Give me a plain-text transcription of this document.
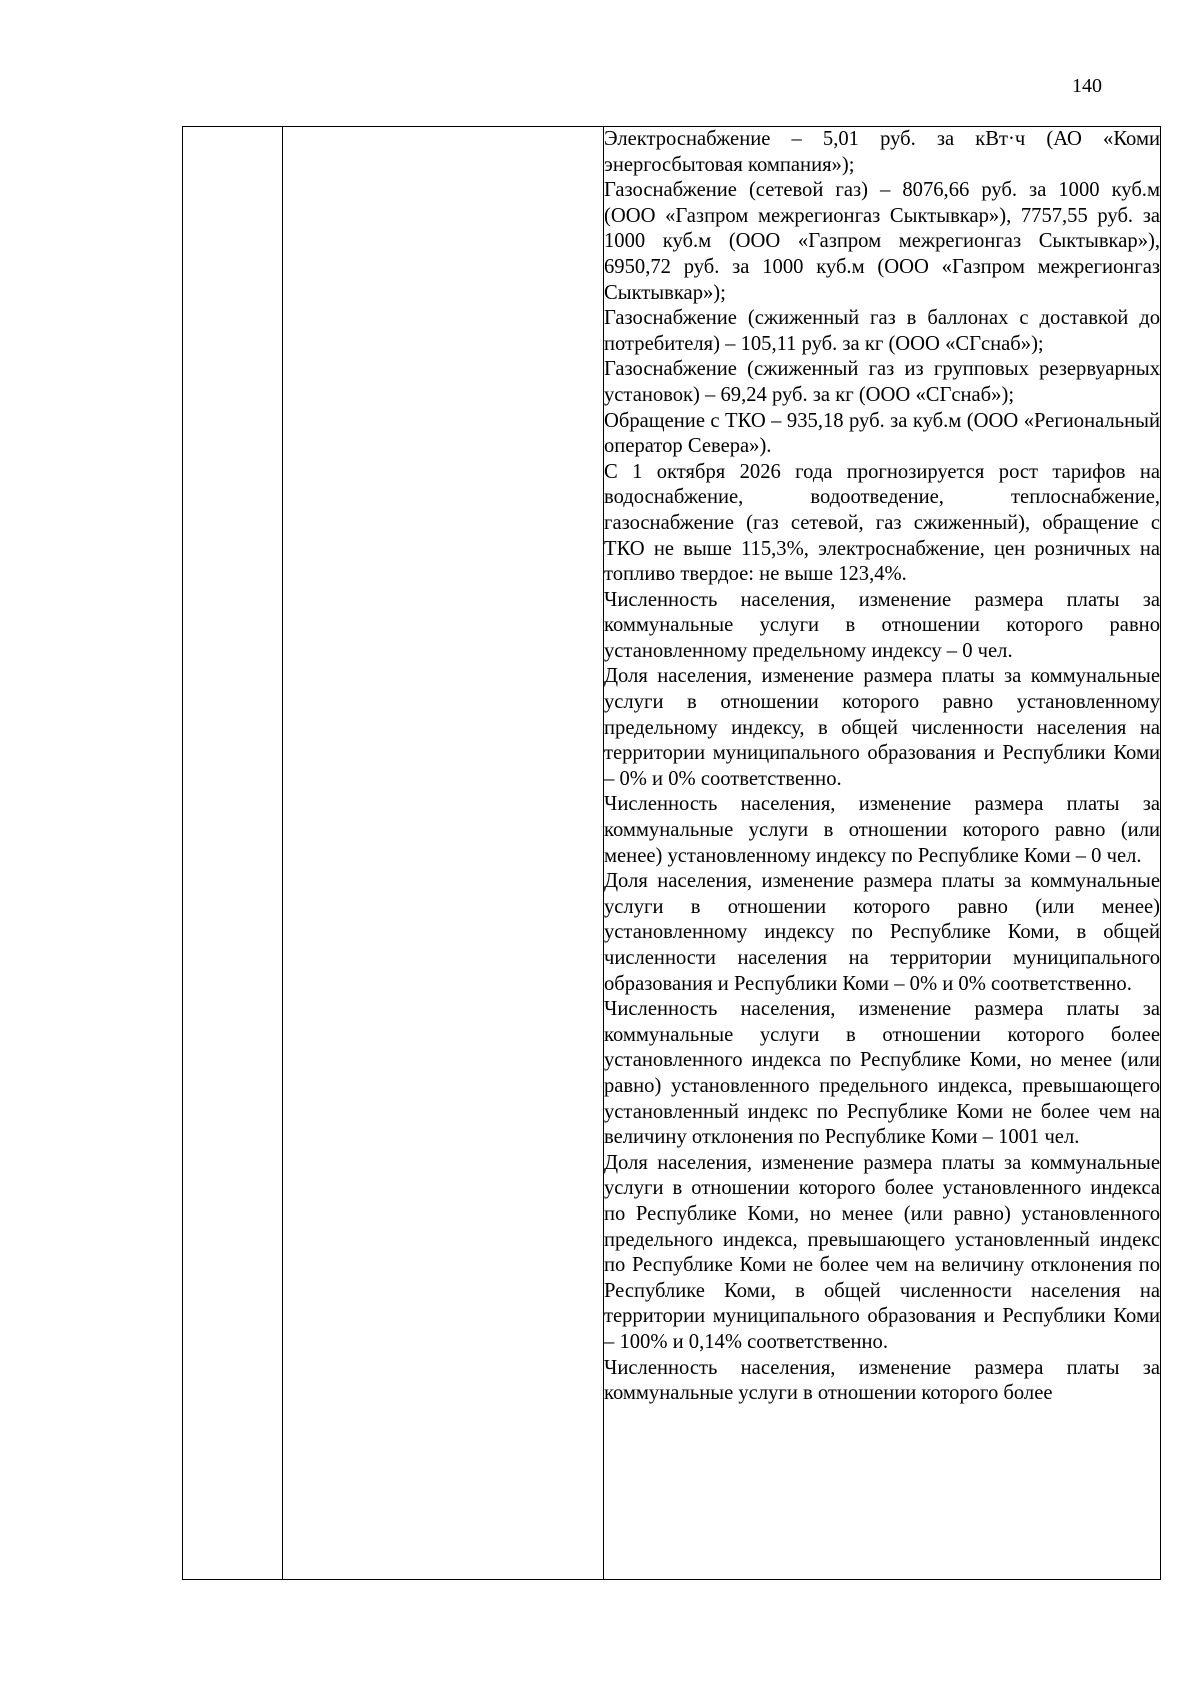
140

Электроснабжение – 5,01 руб. за кВт·ч (АО «Коми энергосбытовая компания»);

Газоснабжение (сетевой газ) – 8076,66 руб. за 1000 куб.м (ООО «Газпром межрегионгаз Сыктывкар»), 7757,55 руб. за 1000 куб.м (ООО «Газпром межрегионгаз Сыктывкар»), 6950,72 руб. за 1000 куб.м (ООО «Газпром межрегионгаз Сыктывкар»);

Газоснабжение (сжиженный газ в баллонах с доставкой до потребителя) – 105,11 руб. за кг (ООО «СГснаб»);

Газоснабжение (сжиженный газ из групповых резервуарных установок) – 69,24 руб. за кг (ООО «СГснаб»);

Обращение с ТКО – 935,18 руб. за куб.м (ООО «Региональный оператор Севера»).

С 1 октября 2026 года прогнозируется рост тарифов на водоснабжение, водоотведение, теплоснабжение, газоснабжение (газ сетевой, газ сжиженный), обращение с ТКО не выше 115,3%, электроснабжение, цен розничных на топливо твердое: не выше 123,4%.

Численность населения, изменение размера платы за коммунальные услуги в отношении которого равно установленному предельному индексу – 0 чел.

Доля населения, изменение размера платы за коммунальные услуги в отношении которого равно установленному предельному индексу, в общей численности населения на территории муниципального образования и Республики Коми – 0% и 0% соответственно.

Численность населения, изменение размера платы за коммунальные услуги в отношении которого равно (или менее) установленному индексу по Республике Коми – 0 чел.

Доля населения, изменение размера платы за коммунальные услуги в отношении которого равно (или менее) установленному индексу по Республике Коми, в общей численности населения на территории муниципального образования и Республики Коми – 0% и 0% соответственно.

Численность населения, изменение размера платы за коммунальные услуги в отношении которого более установленного индекса по Республике Коми, но менее (или равно) установленного предельного индекса, превышающего установленный индекс по Республике Коми не более чем на величину отклонения по Республике Коми – 1001 чел.

Доля населения, изменение размера платы за коммунальные услуги в отношении которого более установленного индекса по Республике Коми, но менее (или равно) установленного предельного индекса, превышающего установленный индекс по Республике Коми не более чем на величину отклонения по Республике Коми, в общей численности населения на территории муниципального образования и Республики Коми – 100% и 0,14% соответственно.

Численность населения, изменение размера платы за коммунальные услуги в отношении которого более
